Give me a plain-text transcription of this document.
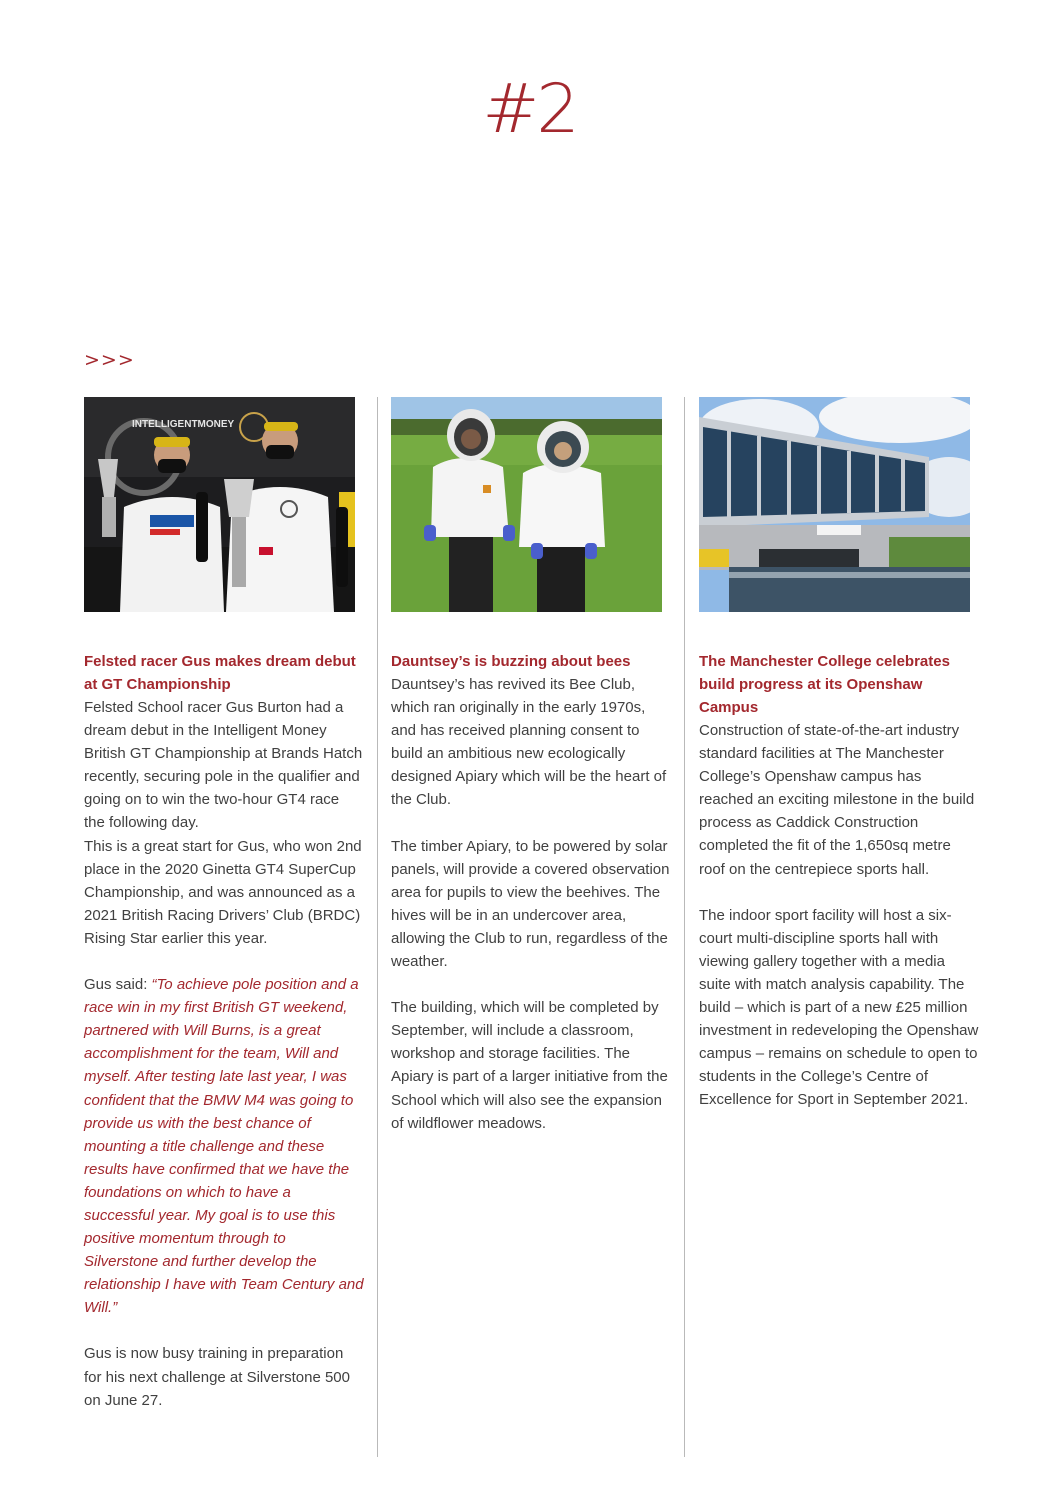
#2
>>>
INTELLIGENTMONEY
Felsted racer Gus makes dream debut at GT Championship

Felsted School racer Gus Burton had a dream debut in the Intelligent Money British GT Championship at Brands Hatch recently, securing pole in the qualifier and going on to win the two-hour GT4 race the following day.

This is a great start for Gus, who won 2nd place in the 2020 Ginetta GT4 SuperCup Championship, and was announced as a 2021 British Racing Drivers’ Club (BRDC) Rising Star earlier this year.

Gus said: “To achieve pole position and a race win in my first British GT weekend, partnered with Will Burns, is a great accomplishment for the team, Will and myself. After testing late last year, I was confident that the BMW M4 was going to provide us with the best chance of mounting a title challenge and these results have confirmed that we have the foundations on which to have a successful year. My goal is to use this positive momentum through to Silverstone and further develop the relationship I have with Team Century and Will.”

Gus is now busy training in preparation for his next challenge at Silverstone 500 on June 27.

Dauntsey’s is buzzing about bees

Dauntsey’s has revived its Bee Club, which ran originally in the early 1970s, and has received planning consent to build an ambitious new ecologically designed Apiary which will be the heart of the Club.

The timber Apiary, to be powered by solar panels, will provide a covered observation area for pupils to view the beehives. The hives will be in an undercover area, allowing the Club to run, regardless of the weather.

The building, which will be completed by September, will include a classroom, workshop and storage facilities. The Apiary is part of a larger initiative from the School which will also see the expansion of wildflower meadows.

The Manchester College celebrates build progress at its Openshaw Campus

Construction of state-of-the-art industry standard facilities at The Manchester College’s Openshaw campus has reached an exciting milestone in the build process as Caddick Construction completed the fit of the 1,650sq metre roof on the centrepiece sports hall.

The indoor sport facility will host a six-court multi-discipline sports hall with viewing gallery together with a media suite with match analysis capability. The build – which is part of a new £25 million investment in redeveloping the Openshaw campus – remains on schedule to open to students in the College’s Centre of Excellence for Sport in September 2021.
